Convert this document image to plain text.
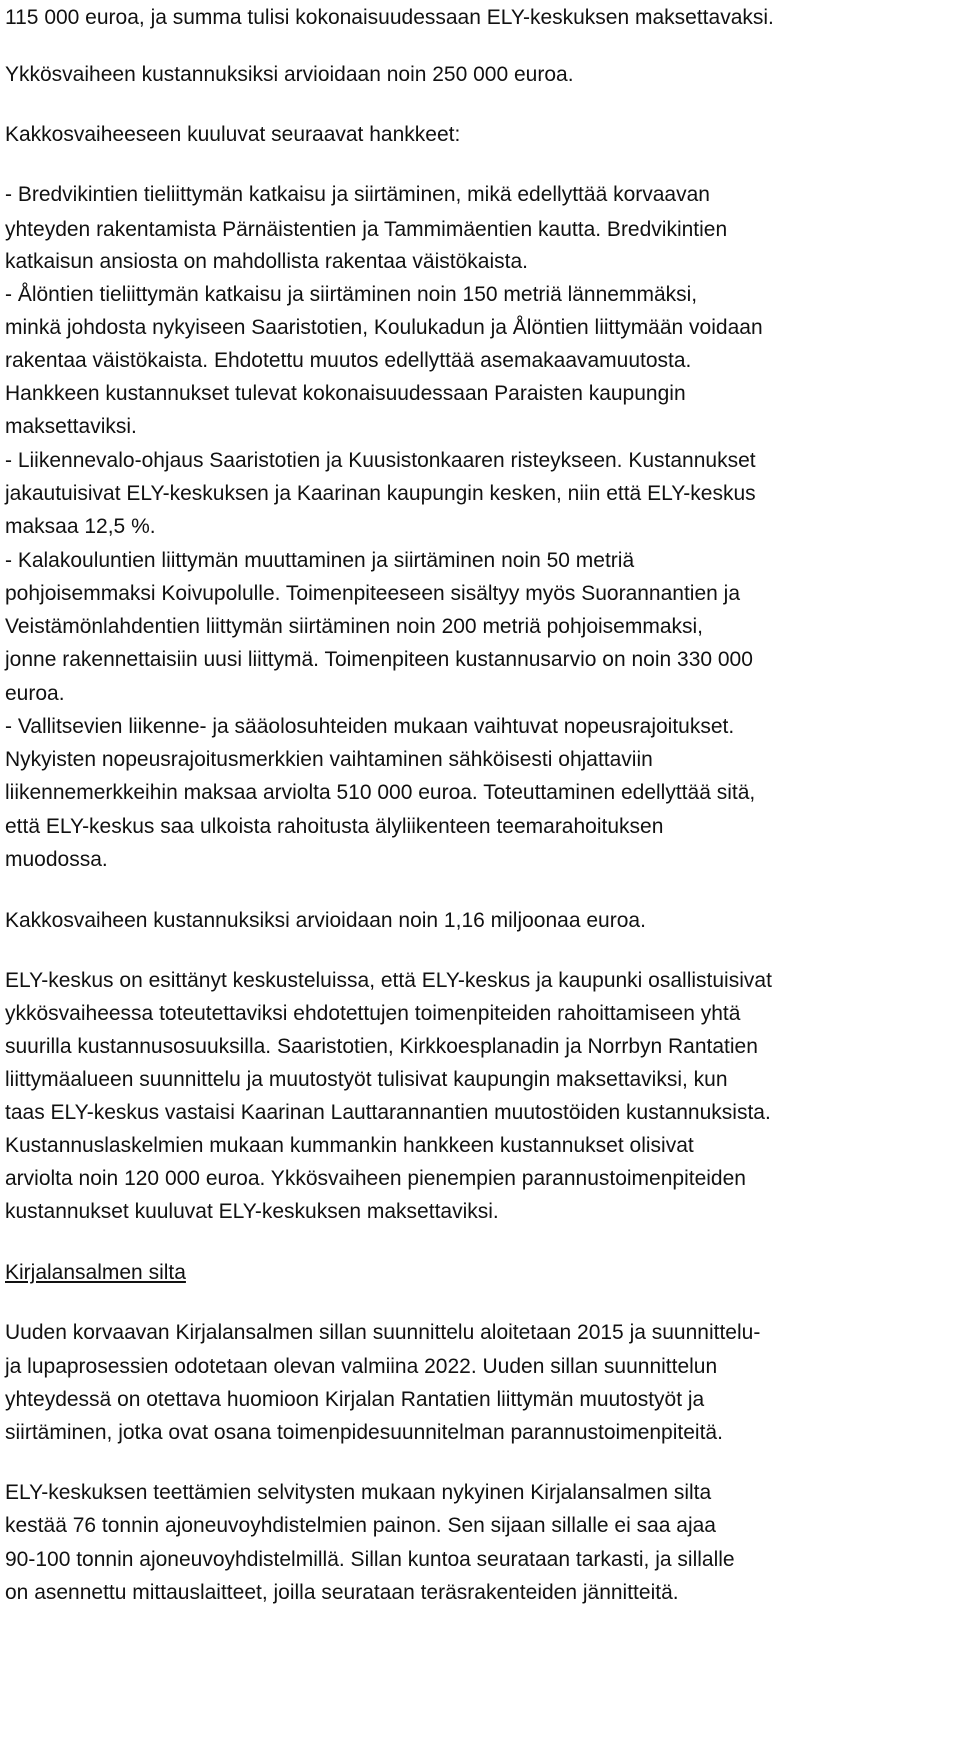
115 000 euroa, ja summa tulisi kokonaisuudessaan ELY-keskuksen maksettavaksi.
Ykkösvaiheen kustannuksiksi arvioidaan noin 250 000 euroa.
Kakkosvaiheeseen kuuluvat seuraavat hankkeet:
- Bredvikintien tieliittymän katkaisu ja siirtäminen, mikä edellyttää korvaavan
yhteyden rakentamista Pärnäistentien ja Tammimäentien kautta. Bredvikintien
katkaisun ansiosta on mahdollista rakentaa väistökaista.
- Ålöntien tieliittymän katkaisu ja siirtäminen noin 150 metriä lännemmäksi,
minkä johdosta nykyiseen Saaristotien, Koulukadun ja Ålöntien liittymään voidaan
rakentaa väistökaista. Ehdotettu muutos edellyttää asemakaavamuutosta.
Hankkeen kustannukset tulevat kokonaisuudessaan Paraisten kaupungin
maksettaviksi.
- Liikennevalo-ohjaus Saaristotien ja Kuusistonkaaren risteykseen. Kustannukset
jakautuisivat ELY-keskuksen ja Kaarinan kaupungin kesken, niin että ELY-keskus
maksaa 12,5 %.
- Kalakouluntien liittymän muuttaminen ja siirtäminen noin 50 metriä
pohjoisemmaksi Koivupolulle. Toimenpiteeseen sisältyy myös Suorannantien ja
Veistämönlahdentien liittymän siirtäminen noin 200 metriä pohjoisemmaksi,
jonne rakennettaisiin uusi liittymä. Toimenpiteen kustannusarvio on noin 330 000
euroa.
- Vallitsevien liikenne- ja sääolosuhteiden mukaan vaihtuvat nopeusrajoitukset.
Nykyisten nopeusrajoitusmerkkien vaihtaminen sähköisesti ohjattaviin
liikennemerkkeihin maksaa arviolta 510 000 euroa. Toteuttaminen edellyttää sitä,
että ELY-keskus saa ulkoista rahoitusta älyliikenteen teemarahoituksen
muodossa.
Kakkosvaiheen kustannuksiksi arvioidaan noin 1,16 miljoonaa euroa.
ELY-keskus on esittänyt keskusteluissa, että ELY-keskus ja kaupunki osallistuisivat
ykkösvaiheessa toteutettaviksi ehdotettujen toimenpiteiden rahoittamiseen yhtä
suurilla kustannusosuuksilla. Saaristotien, Kirkkoesplanadin ja Norrbyn Rantatien
liittymäalueen suunnittelu ja muutostyöt tulisivat kaupungin maksettaviksi, kun
taas ELY-keskus vastaisi Kaarinan Lauttarannantien muutostöiden kustannuksista.
Kustannuslaskelmien mukaan kummankin hankkeen kustannukset olisivat
arviolta noin 120 000 euroa. Ykkösvaiheen pienempien parannustoimenpiteiden
kustannukset kuuluvat ELY-keskuksen maksettaviksi.
Kirjalansalmen silta
Uuden korvaavan Kirjalansalmen sillan suunnittelu aloitetaan 2015 ja suunnittelu-
ja lupaprosessien odotetaan olevan valmiina 2022. Uuden sillan suunnittelun
yhteydessä on otettava huomioon Kirjalan Rantatien liittymän muutostyöt ja
siirtäminen, jotka ovat osana toimenpidesuunnitelman parannustoimenpiteitä.
ELY-keskuksen teettämien selvitysten mukaan nykyinen Kirjalansalmen silta
kestää 76 tonnin ajoneuvoyhdistelmien painon. Sen sijaan sillalle ei saa ajaa
90-100 tonnin ajoneuvoyhdistelmillä. Sillan kuntoa seurataan tarkasti, ja sillalle
on asennettu mittauslaitteet, joilla seurataan teräsrakenteiden jännitteitä.
